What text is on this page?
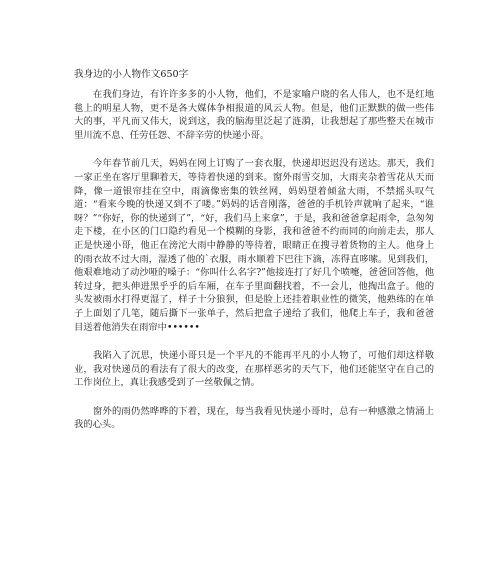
我身边的小人物作文650字

在我们身边，有许许多多的小人物，他们，不是家喻户晓的名人伟人，也不是红地毯上的明星人物，更不是各大媒体争相报道的风云人物。但是，他们正默默的做一些伟大的事，平凡而又伟大，说到这，我的脑海里泛起了涟漪，让我想起了那些整天在城市里川流不息、任劳任怨、不辞辛劳的快递小哥。

今年春节前几天，妈妈在网上订购了一套衣服，快递却迟迟没有送达。那天，我们一家正坐在客厅里聊着天，等待着快递的到来。窗外雨雪交加，大雨夹杂着雪花从天而降，像一道银帘挂在空中，雨滴像密集的铁丝网，妈妈望着倾盆大雨，不禁摇头叹气道：“看来今晚的快递又到不了喽。”妈妈的话音刚落，爸爸的手机铃声就响了起来，“谁呀？”“你好，你的快递到了”，“好，我们马上来拿”，于是，我和爸爸拿起雨伞，急匆匆走下楼，在小区的门口隐约看见一个模糊的身影，我和爸爸不约而同的向前走去，那人正是快递小哥，他正在滂沱大雨中静静的等待着，眼睛正在搜寻着货物的主人。他身上的雨衣故不过大雨，湿透了他的`衣服，雨水顺着下巴往下滴，冻得直哆嗦。见到我们，他艰难地动了动沙哑的嗓子：“你叫什么名字?”他接连打了好几个喷嚏，爸爸回答他，他转过身，把头伸进黑乎乎的后车厢，在车子里面翻找着，不一会儿，他掏出盒子。他的头发被雨水打得更湿了，样子十分狼狈，但是脸上还挂着职业性的微笑，他熟练的在单子上面划了几笔，随后撕下一张单子，然后把盒子递给了我们，他爬上车子，我和爸爸目送着他消失在雨帘中••••••

我陷入了沉思，快递小哥只是一个平凡的不能再平凡的小人物了，可他们却这样敬业，我对快递员的看法有了很大的改变，在那样恶劣的天气下，他们还能坚守在自己的工作岗位上，真让我感受到了一丝敬佩之情。

窗外的雨仍然哗哗的下着，现在，每当我看见快递小哥时，总有一种感激之情涌上我的心头。
